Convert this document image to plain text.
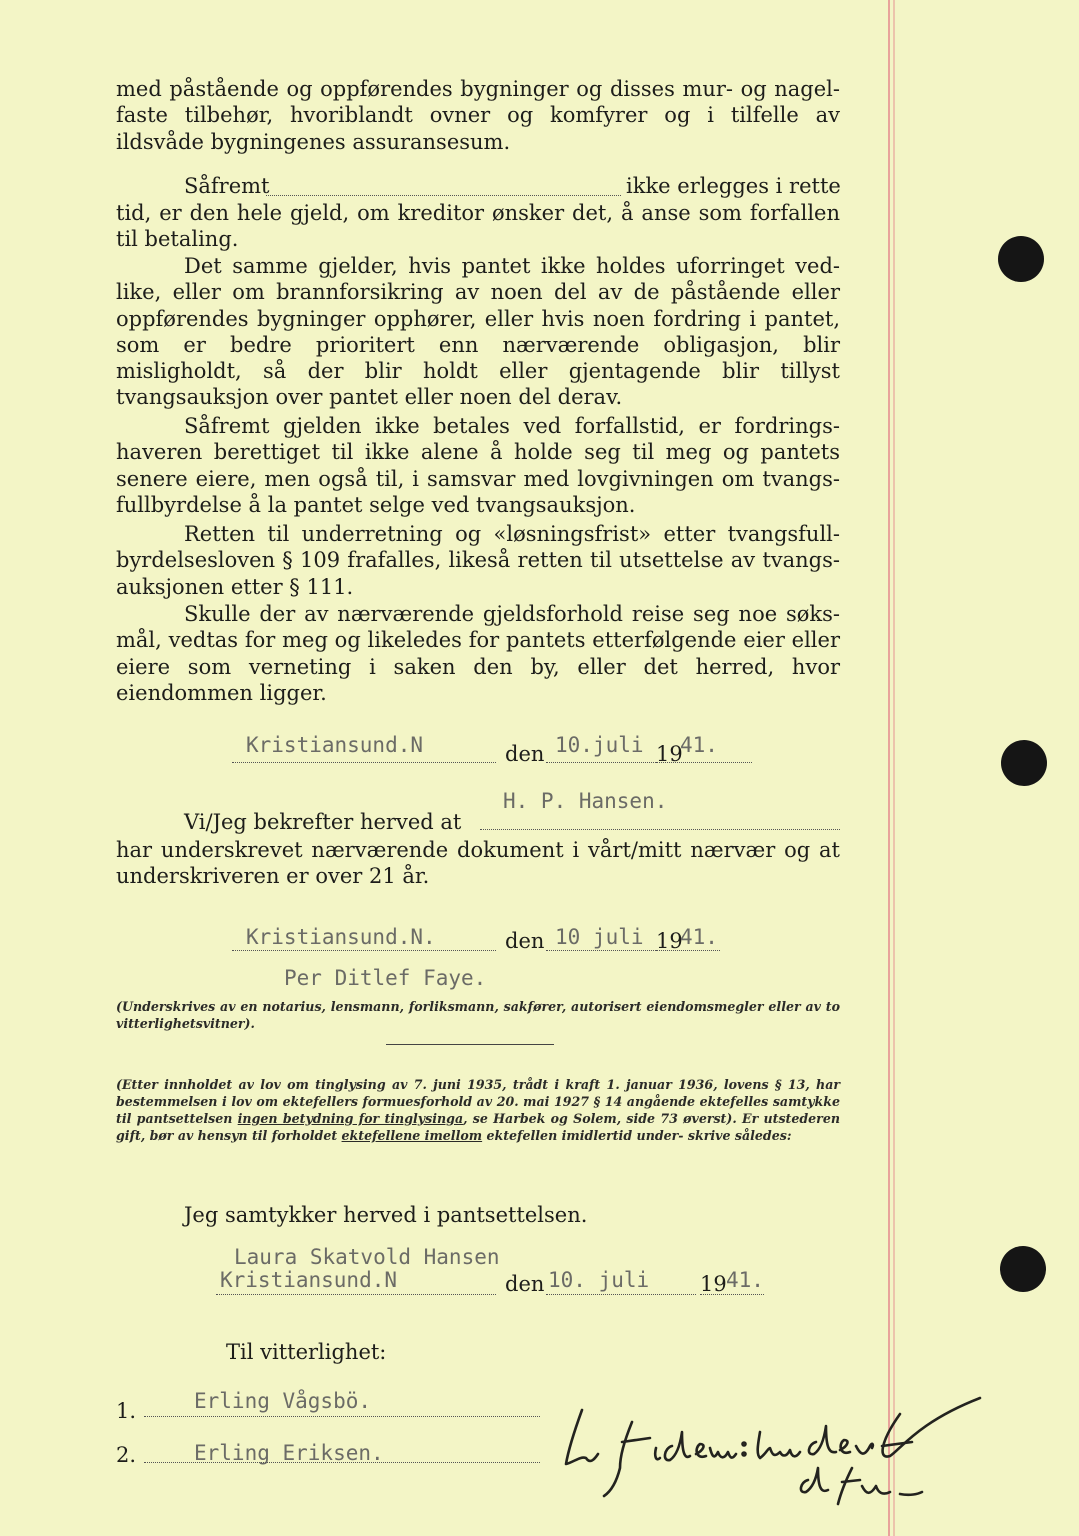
med påstående og oppførendes bygninger og disses mur- og nagel- faste tilbehør, hvoriblandt ovner og komfyrer og i tilfelle av ildsvåde bygningenes assuransesum.

Såfremt	ikke erlegges i rette

tid, er den hele gjeld, om kreditor ønsker det, å anse som forfallen til betaling.

Det samme gjelder, hvis pantet ikke holdes uforringet ved- like, eller om brannforsikring av noen del av de påstående eller oppførendes bygninger opphører, eller hvis noen fordring i pantet, som er bedre prioritert enn nærværende obligasjon, blir misligholdt, så der blir holdt eller gjentagende blir tillyst tvangsauksjon over pantet eller noen del derav.

Såfremt gjelden ikke betales ved forfallstid, er fordrings- haveren berettiget til ikke alene å holde seg til meg og pantets senere eiere, men også til, i samsvar med lovgivningen om tvangs- fullbyrdelse å la pantet selge ved tvangsauksjon.

Retten til underretning og «løsningsfrist» etter tvangsfull- byrdelsesloven § 109 frafalles, likeså retten til utsettelse av tvangs- auksjonen etter § 111.

Skulle der av nærværende gjeldsforhold reise seg noe søks- mål, vedtas for meg og likeledes for pantets etterfølgende eier eller eiere som verneting i saken den by, eller det herred, hvor eiendommen ligger.

Kristiansund.N	den 10.juli 19
41.
H. P. Hansen.
Vi/Jeg bekrefter herved at

har underskrevet nærværende dokument i vårt/mitt nærvær og at underskriveren er over 21 år.

Kristiansund.N.	den 10 juli 19
41.
Per Ditlef Faye.
(Underskrives av en notarius, lensmann, forliksmann, sakfører, autorisert eiendomsmegler eller av to vitterlighetsvitner).
(Etter innholdet av lov om tinglysing av 7. juni 1935, trådt i kraft 1. januar 1936, lovens § 13, har bestemmelsen i lov om ektefellers formuesforhold av 20. mai 1927 § 14 angående ektefelles samtykke til pantsettelsen ingen betydning for tinglysinga, se Harbek og Solem, side 73 øverst). Er utstederen gift, bør av hensyn til forholdet ektefellene imellom ektefellen imidlertid under- skrive således:
Jeg samtykker herved i pantsettelsen.
Laura Skatvold Hansen
Kristiansund.N	den 10. juli 19 41.
Til vitterlighet:
1.	Erling Vågsbö.
2.	Erling Eriksen.
